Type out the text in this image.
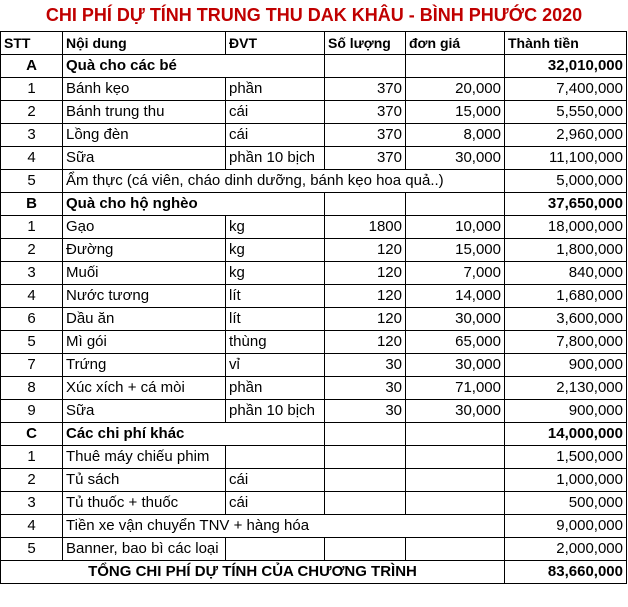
CHI PHÍ DỰ TÍNH TRUNG THU DAK KHÂU - BÌNH PHƯỚC 2020
STT	Nội dung	ĐVT	Số lượng	đơn giá	Thành tiền
A	Quà cho các bé				32,010,000
1	Bánh kẹo	phần	370	20,000	7,400,000
2	Bánh trung thu	cái	370	15,000	5,550,000
3	Lồng đèn	cái	370	8,000	2,960,000
4	Sữa	phần 10 bịch	370	30,000	11,100,000
5	Ẩm thực (cá viên, cháo dinh dưỡng, bánh kẹo hoa quả..)				5,000,000
B	Quà cho hộ nghèo				37,650,000
1	Gạo	kg	1800	10,000	18,000,000
2	Đường	kg	120	15,000	1,800,000
3	Muối	kg	120	7,000	840,000
4	Nước tương	lít	120	14,000	1,680,000
6	Dầu ăn	lít	120	30,000	3,600,000
5	Mì gói	thùng	120	65,000	7,800,000
7	Trứng	vỉ	30	30,000	900,000
8	Xúc xích + cá mòi	phần	30	71,000	2,130,000
9	Sữa	phần 10 bịch	30	30,000	900,000
C	Các chi phí khác				14,000,000
1	Thuê máy chiếu phim				1,500,000
2	Tủ sách	cái			1,000,000
3	Tủ thuốc + thuốc	cái			500,000
4	Tiền xe vận chuyển TNV + hàng hóa				9,000,000
5	Banner, bao bì các loại				2,000,000
TỔNG CHI PHÍ DỰ TÍNH CỦA CHƯƠNG TRÌNH					83,660,000
